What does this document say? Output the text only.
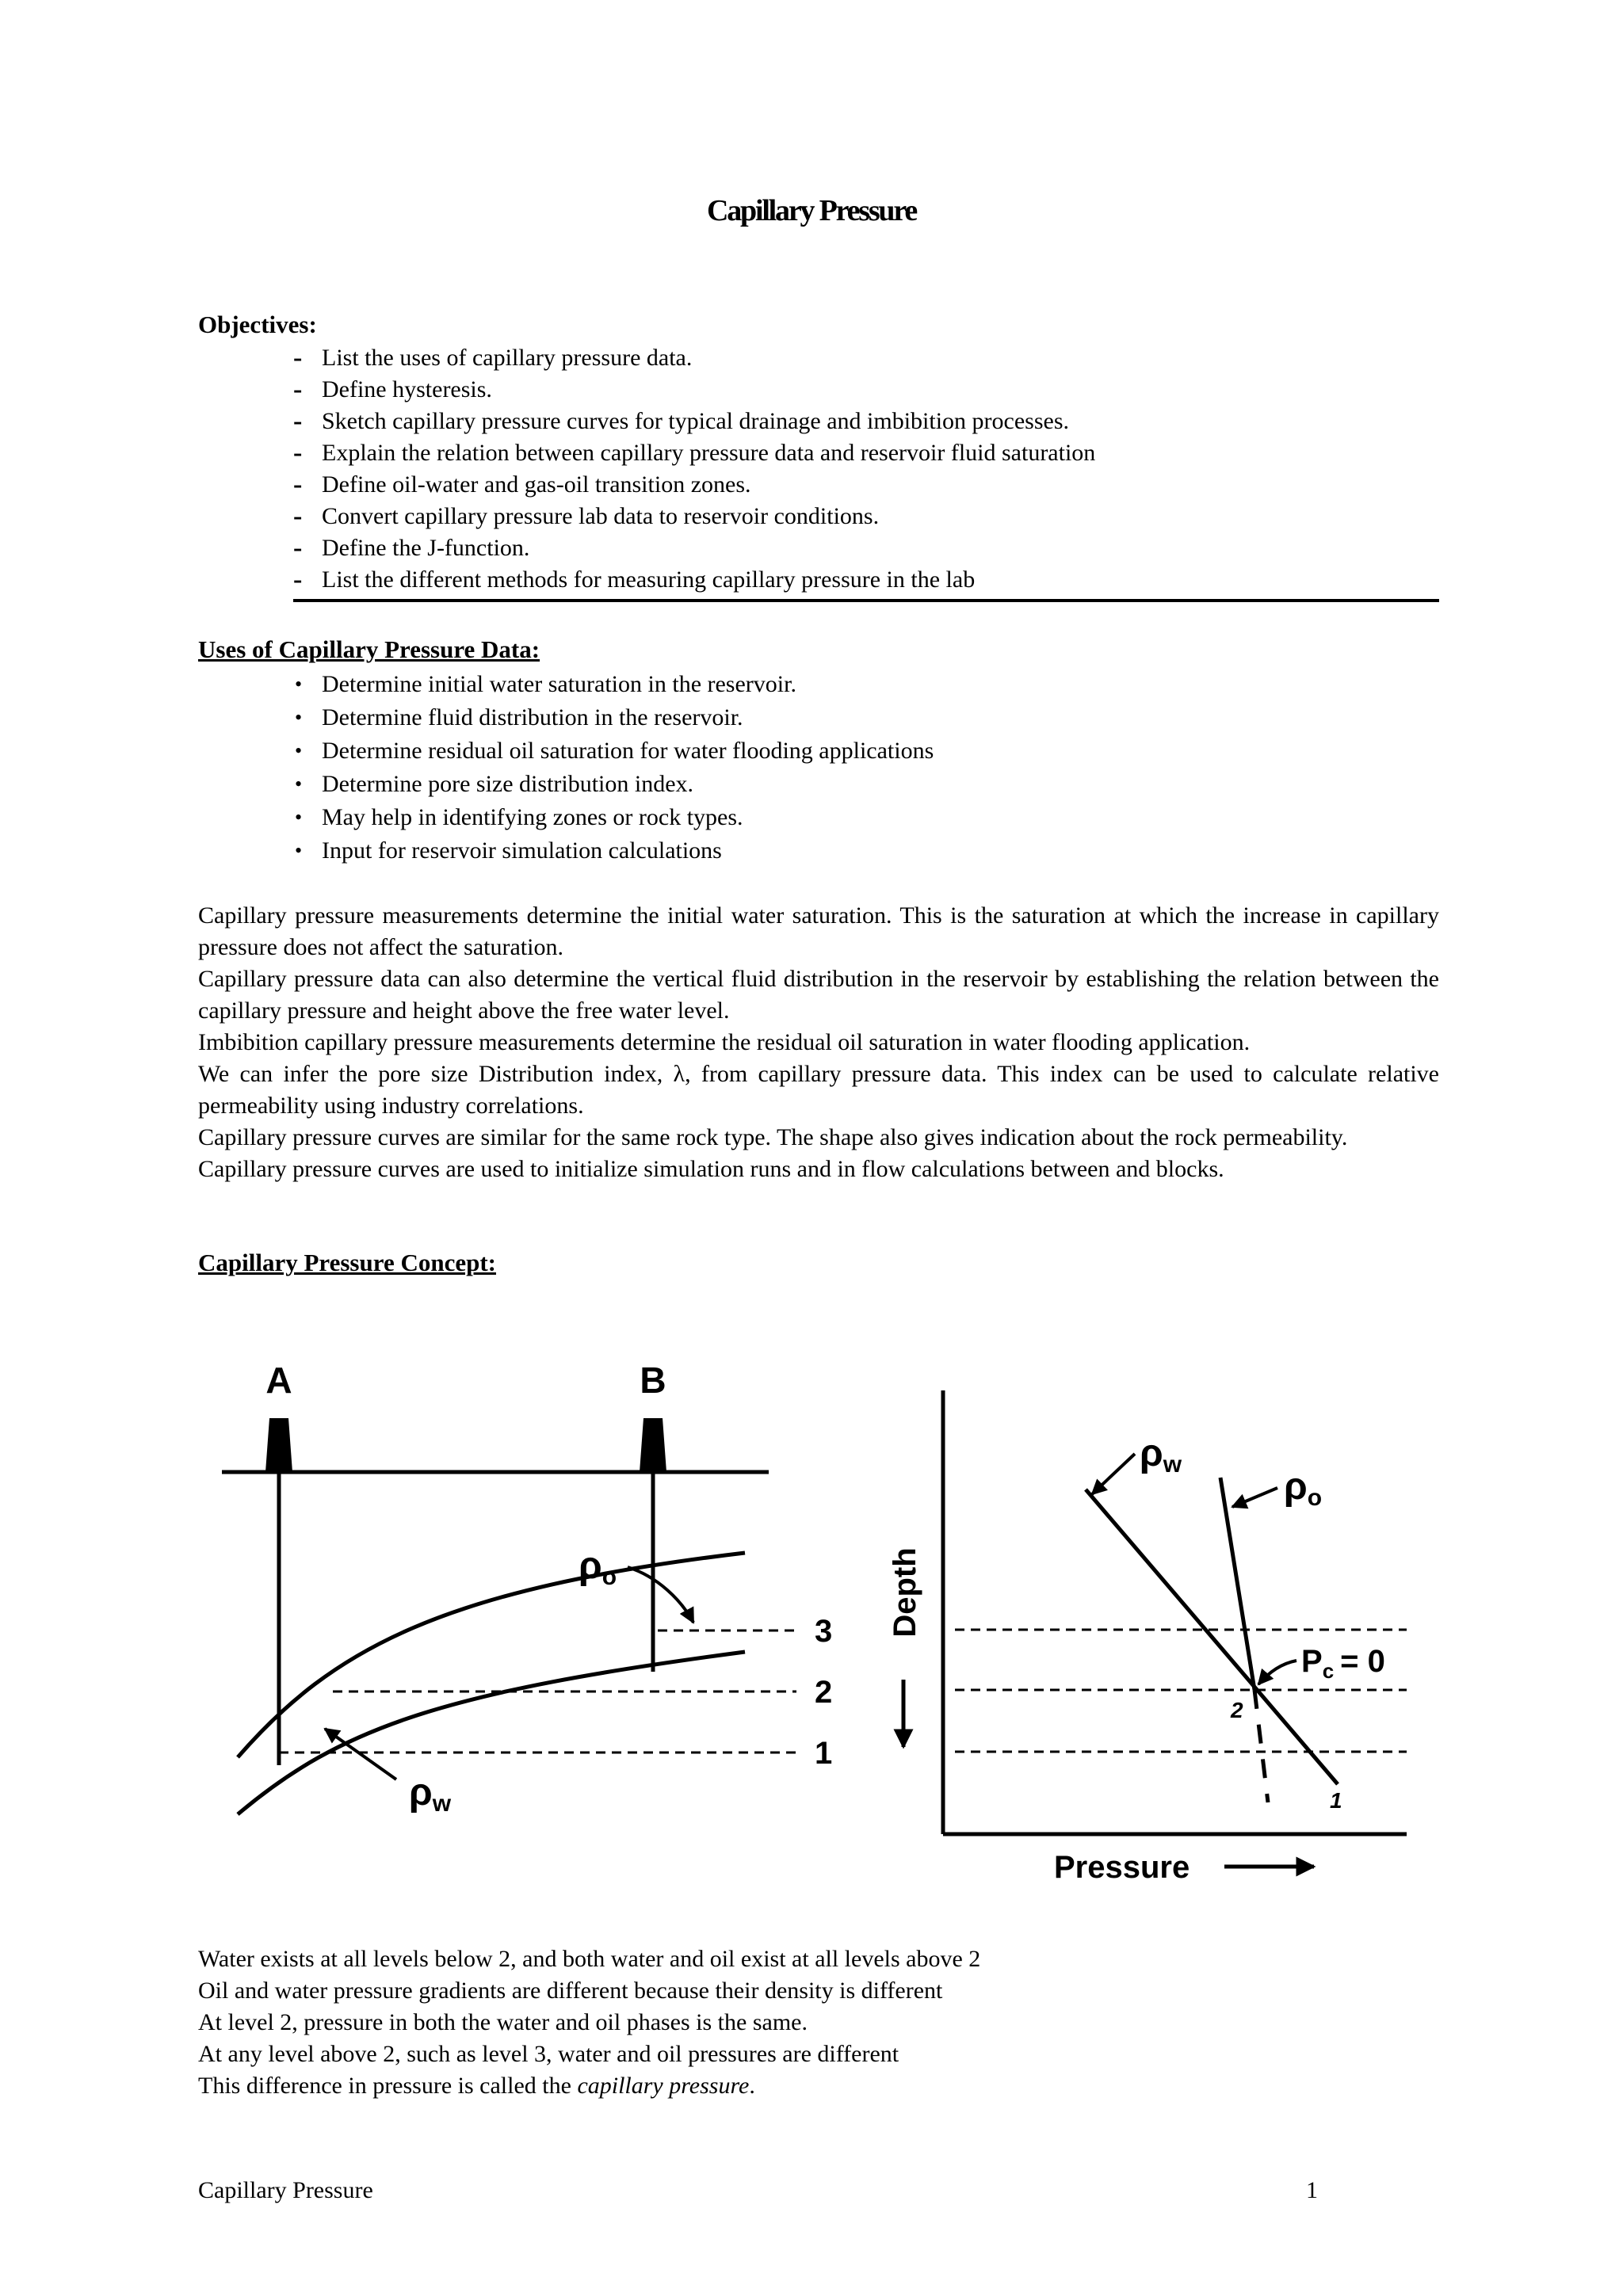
Capillary Pressure
Objectives:
- List the uses of capillary pressure data.
- Define hysteresis.
- Sketch capillary pressure curves for typical drainage and imbibition processes.
- Explain the relation between capillary pressure data and reservoir fluid saturation
- Define oil-water and gas-oil transition zones.
- Convert capillary pressure lab data to reservoir conditions.
- Define the J-function.
- List the different methods for measuring capillary pressure in the lab
Uses of Capillary Pressure Data:
• Determine initial water saturation in the reservoir.
• Determine fluid distribution in the reservoir.
• Determine residual oil saturation for water flooding applications
• Determine pore size distribution index.
• May help in identifying zones or rock types.
• Input for reservoir simulation calculations

Capillary pressure measurements determine the initial water saturation. This is the saturation at which the increase in capillary pressure does not affect the saturation.

Capillary pressure data can also determine the vertical fluid distribution in the reservoir by establishing the relation between the capillary pressure and height above the free water level.

Imbibition capillary pressure measurements determine the residual oil saturation in water flooding application.

We can infer the pore size Distribution index, λ, from capillary pressure data. This index can be used to calculate relative permeability using industry correlations.

Capillary pressure curves are similar for the same rock type. The shape also gives indication about the rock permeability.

Capillary pressure curves are used to initialize simulation runs and in flow calculations between and blocks.

Capillary Pressure Concept:
A	B
3
2
1
ρo
ρw
Depth
Pressure
ρw
ρo
$P_c = 0$
2
1

Water exists at all levels below 2, and both water and oil exist at all levels above 2

Oil and water pressure gradients are different because their density is different

At level 2, pressure in both the water and oil phases is the same.

At any level above 2, such as level 3, water and oil pressures are different

This difference in pressure is called the capillary pressure.

Capillary Pressure	1
